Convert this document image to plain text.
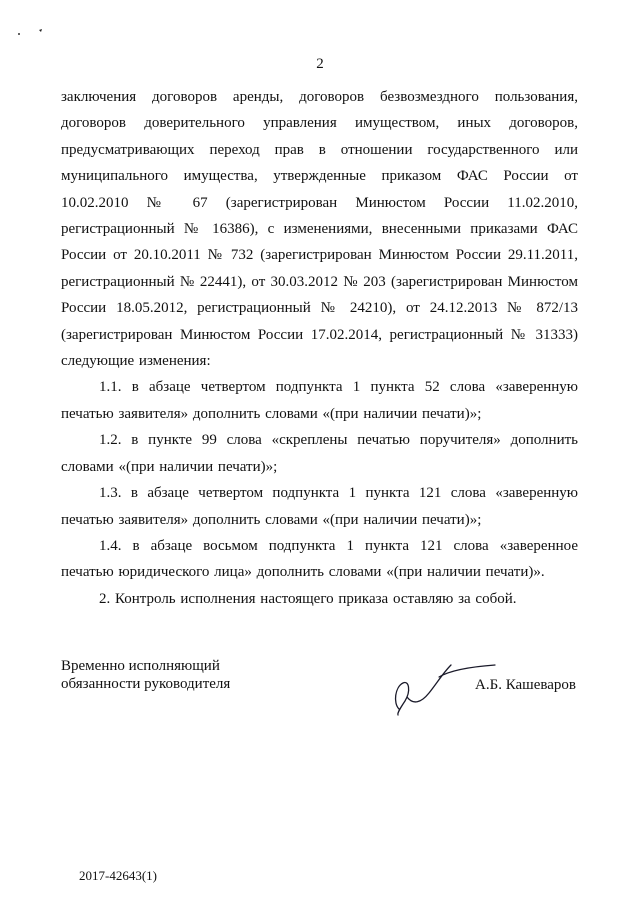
2

заключения договоров аренды, договоров безвозмездного пользования, договоров доверительного управления имуществом, иных договоров, предусматривающих переход прав в отношении государственного или муниципального имущества, утвержденные приказом ФАС России от 10.02.2010 № 67 (зарегистрирован Минюстом России 11.02.2010, регистрационный № 16386), с изменениями, внесенными приказами ФАС России от 20.10.2011 № 732 (зарегистрирован Минюстом России 29.11.2011, регистрационный № 22441), от 30.03.2012 № 203 (зарегистрирован Минюстом России 18.05.2012, регистрационный № 24210), от 24.12.2013 № 872/13 (зарегистрирован Минюстом России 17.02.2014, регистрационный № 31333) следующие изменения:

1.1. в абзаце четвертом подпункта 1 пункта 52 слова «заверенную печатью заявителя» дополнить словами «(при наличии печати)»;

1.2. в пункте 99 слова «скреплены печатью поручителя» дополнить словами «(при наличии печати)»;

1.3. в абзаце четвертом подпункта 1 пункта 121 слова «заверенную печатью заявителя» дополнить словами «(при наличии печати)»;

1.4. в абзаце восьмом подпункта 1 пункта 121 слова «заверенное печатью юридического лица» дополнить словами «(при наличии печати)».

2. Контроль исполнения настоящего приказа оставляю за собой.

Временно исполняющий
обязанности руководителя	А.Б. Кашеваров
2017-42643(1)
